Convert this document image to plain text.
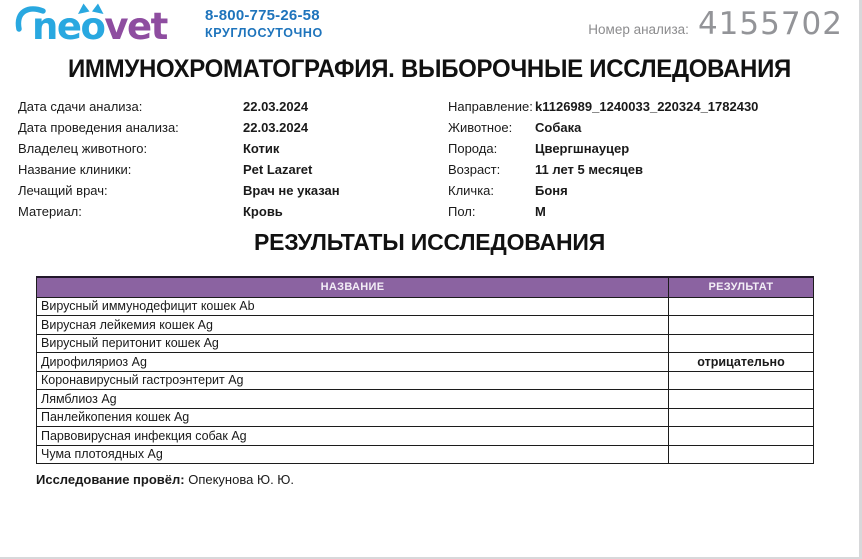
neovet	8-800-775-26-58
КРУГЛОСУТОЧНО	Номер анализа: 4155702
ИММУНОХРОМАТОГРАФИЯ. ВЫБОРОЧНЫЕ ИССЛЕДОВАНИЯ
Дата сдачи анализа:	22.03.2024
Дата проведения анализа:	22.03.2024
Владелец животного:	Котик
Название клиники:	Pet Lazaret
Лечащий врач:	Врач не указан
Материал:	Кровь
Направление: k1126989_1240033_220324_1782430
Животное:	Собака
Порода:	Цвергшнауцер
Возраст:	11 лет 5 месяцев
Кличка:	Боня
Пол:	М
РЕЗУЛЬТАТЫ ИССЛЕДОВАНИЯ
НАЗВАНИЕ	РЕЗУЛЬТАТ
Вирусный иммунодефицит кошек Ab	
Вирусная лейкемия кошек Ag	
Вирусный перитонит кошек Ag	
Дирофиляриоз Ag	отрицательно
Коронавирусный гастроэнтерит Ag	
Лямблиоз Ag	
Панлейкопения кошек Ag	
Парвовирусная инфекция собак Ag	
Чума плотоядных Ag	
Исследование провёл: Опекунова Ю. Ю.
